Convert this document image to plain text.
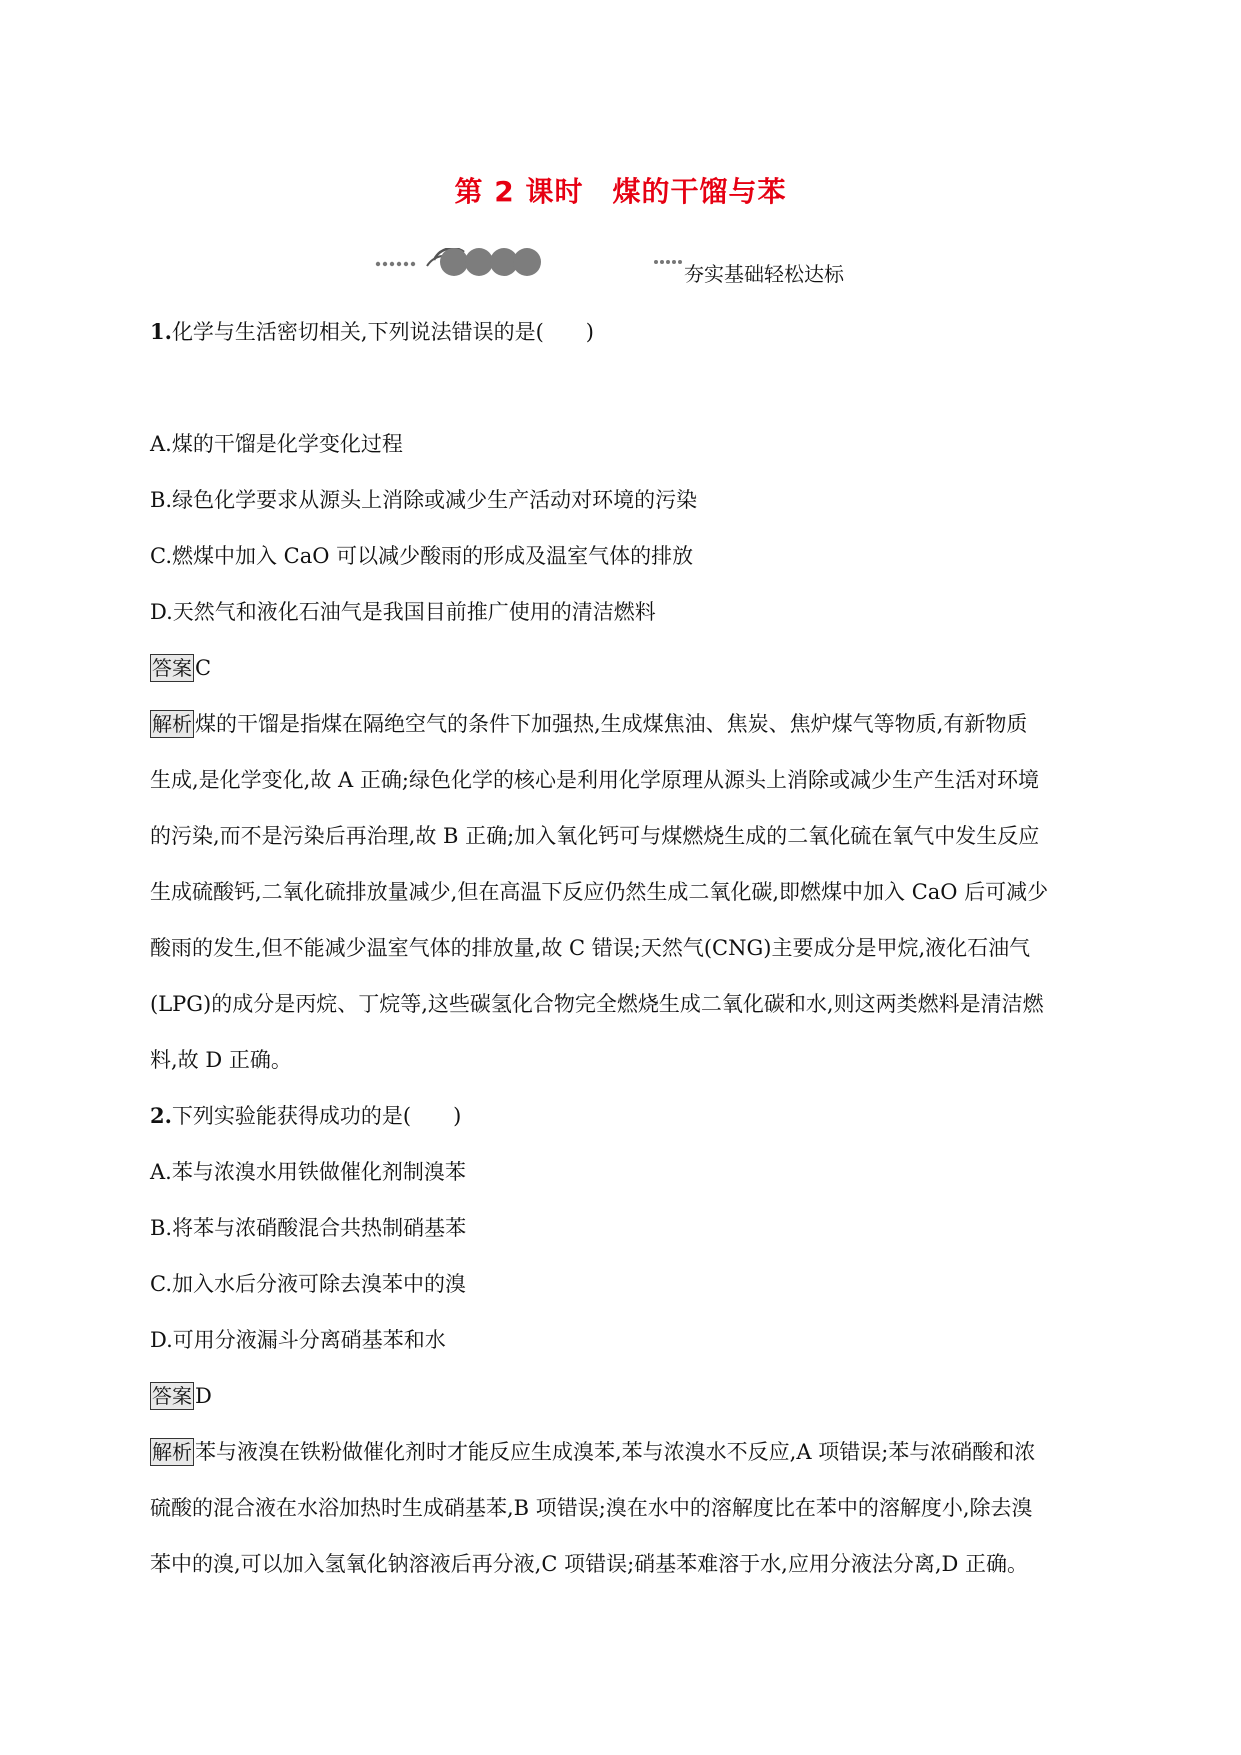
第 2 课时　煤的干馏与苯
夯实基础轻松达标
1.化学与生活密切相关,下列说法错误的是(　　)
A.煤的干馏是化学变化过程
B.绿色化学要求从源头上消除或减少生产活动对环境的污染
C.燃煤中加入 CaO 可以减少酸雨的形成及温室气体的排放
D.天然气和液化石油气是我国目前推广使用的清洁燃料
答案 C
解析 煤的干馏是指煤在隔绝空气的条件下加强热,生成煤焦油、焦炭、焦炉煤气等物质,有新物质
生成,是化学变化,故 A 正确;绿色化学的核心是利用化学原理从源头上消除或减少生产生活对环境
的污染,而不是污染后再治理,故 B 正确;加入氧化钙可与煤燃烧生成的二氧化硫在氧气中发生反应
生成硫酸钙,二氧化硫排放量减少,但在高温下反应仍然生成二氧化碳,即燃煤中加入 CaO 后可减少
酸雨的发生,但不能减少温室气体的排放量,故 C 错误;天然气(CNG)主要成分是甲烷,液化石油气
(LPG)的成分是丙烷、丁烷等,这些碳氢化合物完全燃烧生成二氧化碳和水,则这两类燃料是清洁燃
料,故 D 正确。
2.下列实验能获得成功的是(　　)
A.苯与浓溴水用铁做催化剂制溴苯
B.将苯与浓硝酸混合共热制硝基苯
C.加入水后分液可除去溴苯中的溴
D.可用分液漏斗分离硝基苯和水
答案 D
解析 苯与液溴在铁粉做催化剂时才能反应生成溴苯,苯与浓溴水不反应,A 项错误;苯与浓硝酸和浓
硫酸的混合液在水浴加热时生成硝基苯,B 项错误;溴在水中的溶解度比在苯中的溶解度小,除去溴
苯中的溴,可以加入氢氧化钠溶液后再分液,C 项错误;硝基苯难溶于水,应用分液法分离,D 正确。
